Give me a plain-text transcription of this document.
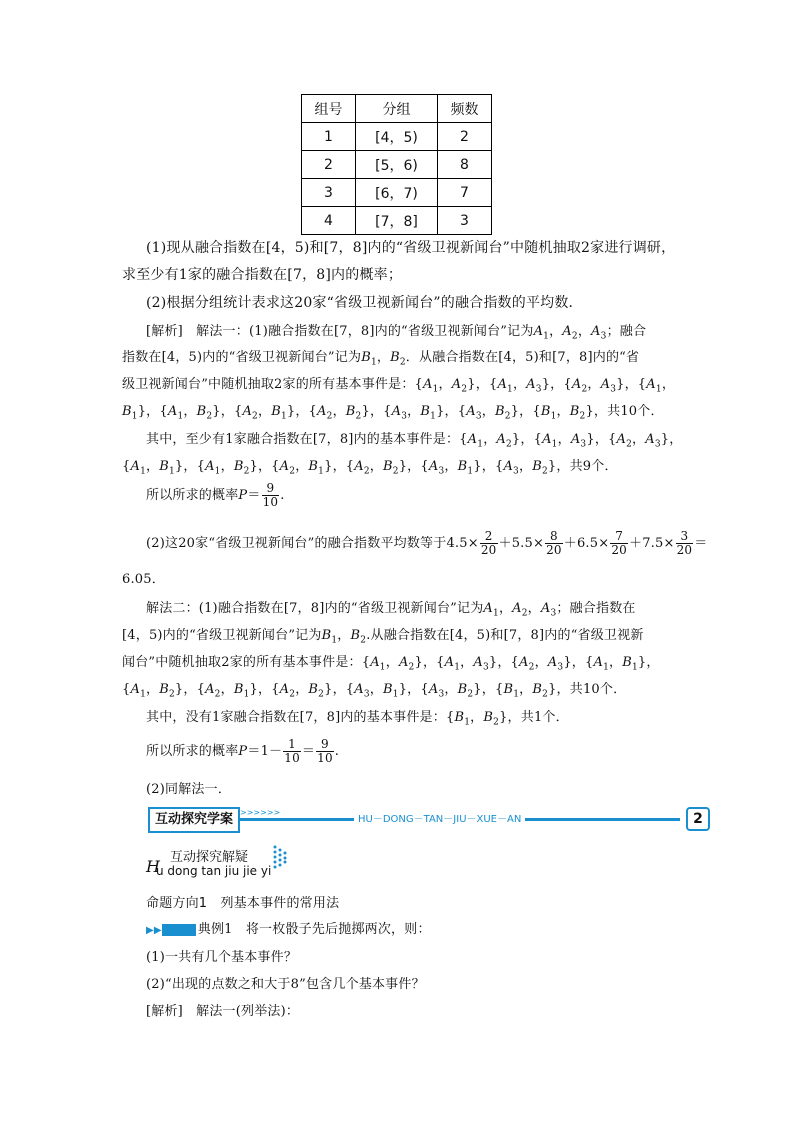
组号	分组	频数
1	[4，5)	2
2	[5，6)	8
3	[6，7)	7
4	[7，8]	3
(1)现从融合指数在[4，5)和[7，8]内的“省级卫视新闻台”中随机抽取2家进行调研，
求至少有1家的融合指数在[7，8]内的概率；
(2)根据分组统计表求这20家“省级卫视新闻台”的融合指数的平均数．
[解析]　 解法一：(1)融合指数在[7，8]内的“省级卫视新闻台”记为$A_1$，$A_2$，$A_3$；融合
指数在[4，5)内的“省级卫视新闻台”记为$B_1$，$B_2$．从融合指数在[4，5)和[7，8]内的“省
级卫视新闻台”中随机抽取2家的所有基本事件是：{$A_1$，$A_2$}，{$A_1$，$A_3$}，{$A_2$，$A_3$}，{$A_1$，
$B_1$}，{$A_1$，$B_2$}，{$A_2$，$B_1$}，{$A_2$，$B_2$}，{$A_3$，$B_1$}，{$A_3$，$B_2$}，{$B_1$，$B_2$}，共10个．
其中，至少有1家融合指数在[7，8]内的基本事件是：{$A_1$，$A_2$}，{$A_1$，$A_3$}，{$A_2$，$A_3$}，
{$A_1$，$B_1$}，{$A_1$，$B_2$}，{$A_2$，$B_1$}，{$A_2$，$B_2$}，{$A_3$，$B_1$}，{$A_3$，$B_2$}，共9个．
所以所求的概率$P= \frac{9}{10}$ .
(2)这20家“省级卫视新闻台”的融合指数平均数等于$4.5\times \frac{2}{20} +5.5\times \frac{8}{20} +6.5\times \frac{7}{20} +7.5\times \frac{3}{20}$ ＝
6.05．
解法二：(1)融合指数在[7，8]内的“省级卫视新闻台”记为$A_1$，$A_2$，$A_3$；融合指数在
[4，5)内的“省级卫视新闻台”记为$B_1$，$B_2$.从融合指数在[4，5)和[7，8]内的“省级卫视新
闻台”中随机抽取2家的所有基本事件是：{$A_1$，$A_2$}，{$A_1$，$A_3$}，{$A_2$，$A_3$}，{$A_1$，$B_1$}，
{$A_1$，$B_2$}，{$A_2$，$B_1$}，{$A_2$，$B_2$}，{$A_3$，$B_1$}，{$A_3$，$B_2$}，{$B_1$，$B_2$}，共10个．
其中，没有1家融合指数在[7，8]内的基本事件是：{$B_1$，$B_2$}，共1个．
所以所求的概率$P=1- \frac{1}{10} = \frac{9}{10}$ .
(2)同解法一．
互动探究学案 >>>>>>
HU－DONG－TAN－JIU－XUE－AN	2
H 互动探究解疑
u dong tan jiu jie yi
命题方向1　列基本事件的常用法
▶▶	典例1　 将一枚骰子先后抛掷两次，则：
(1)一共有几个基本事件？
(2)“出现的点数之和大于8”包含几个基本事件？
[解析]　 解法一(列举法)：
